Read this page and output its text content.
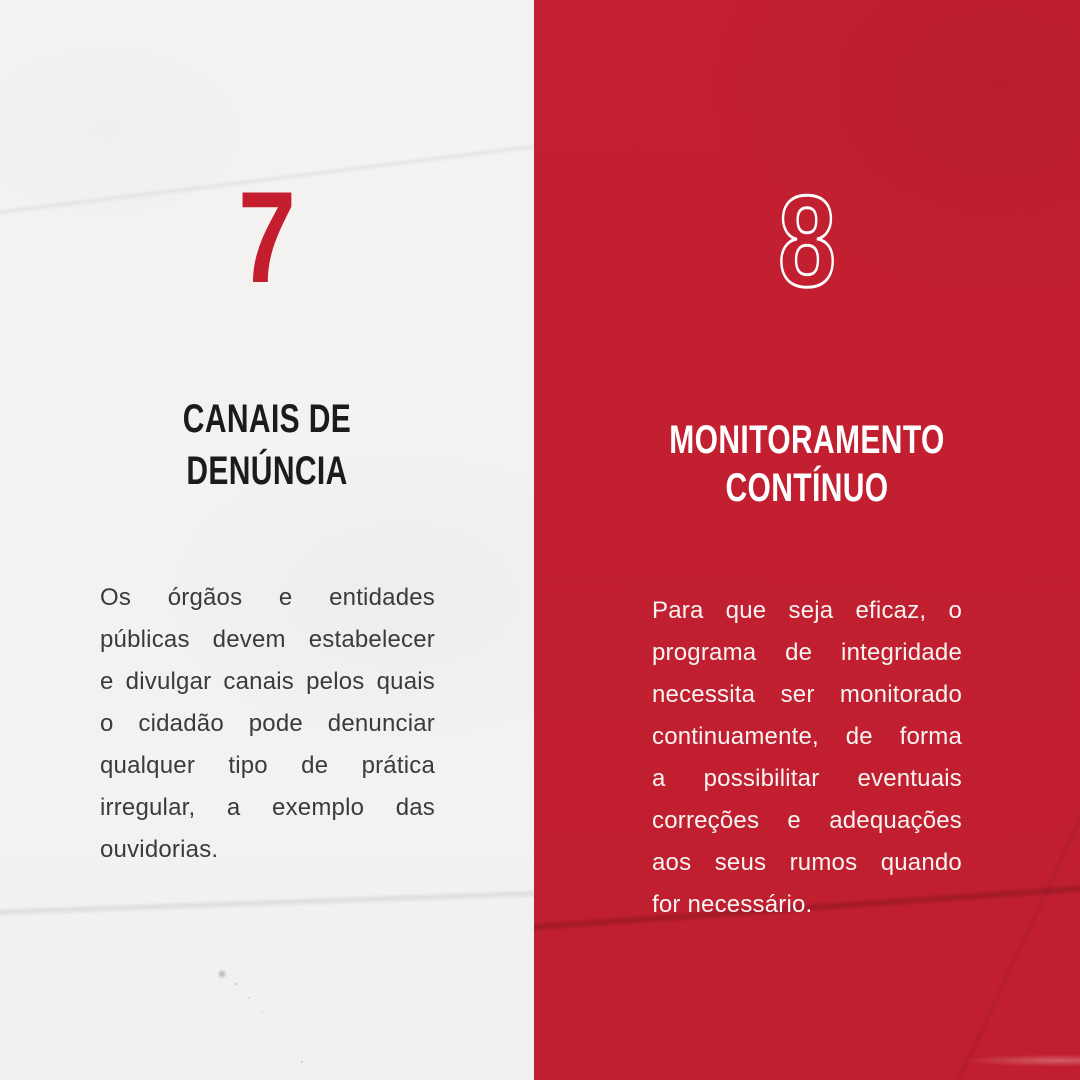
7
CANAIS DE
DENÚNCIA

Os órgãos e entidades

públicas devem estabelecer

e divulgar canais pelos quais

o cidadão pode denunciar

qualquer tipo de prática

irregular, a exemplo das

ouvidorias.

8
MONITORAMENTO
CONTÍNUO

Para que seja eficaz, o

programa de integridade

necessita ser monitorado

continuamente, de forma

a possibilitar eventuais

correções e adequações

aos seus rumos quando

for necessário.
